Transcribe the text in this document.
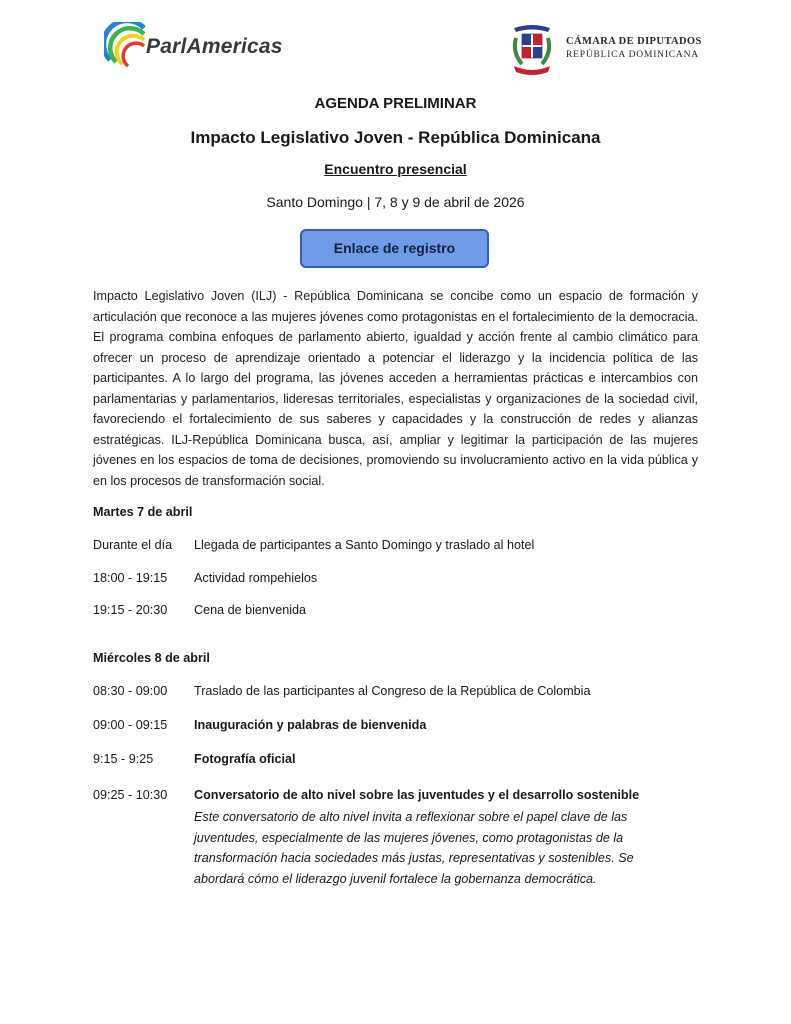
ParlAmericas	CÁMARA DE DIPUTADOS
REPÚBLICA DOMINICANA
AGENDA PRELIMINAR
Impacto Legislativo Joven - República Dominicana
Encuentro presencial
Santo Domingo | 7, 8 y 9 de abril de 2026
Enlace de registro
Impacto Legislativo Joven (ILJ) - República Dominicana se concibe como un espacio de formación y articulación que reconoce a las mujeres jóvenes como protagonistas en el fortalecimiento de la democracia. El programa combina enfoques de parlamento abierto, igualdad y acción frente al cambio climático para ofrecer un proceso de aprendizaje orientado a potenciar el liderazgo y la incidencia política de las participantes. A lo largo del programa, las jóvenes acceden a herramientas prácticas e intercambios con parlamentarias y parlamentarios, lideresas territoriales, especialistas y organizaciones de la sociedad civil, favoreciendo el fortalecimiento de sus saberes y capacidades y la construcción de redes y alianzas estratégicas. ILJ-República Dominicana busca, así, ampliar y legitimar la participación de las mujeres jóvenes en los espacios de toma de decisiones, promoviendo su involucramiento activo en la vida pública y en los procesos de transformación social.
Martes 7 de abril
Durante el día Llegada de participantes a Santo Domingo y traslado al hotel
18:00 - 19:15 Actividad rompehielos
19:15 - 20:30 Cena de bienvenida
Miércoles 8 de abril
08:30 - 09:00 Traslado de las participantes al Congreso de la República de Colombia
09:00 - 09:15 Inauguración y palabras de bienvenida
9:15 - 9:25	Fotografía oficial
09:25 - 10:30 Conversatorio de alto nivel sobre las juventudes y el desarrollo sostenible
Este conversatorio de alto nivel invita a reflexionar sobre el papel clave de las juventudes, especialmente de las mujeres jóvenes, como protagonistas de la transformación hacia sociedades más justas, representativas y sostenibles. Se abordará cómo el liderazgo juvenil fortalece la gobernanza democrática.
